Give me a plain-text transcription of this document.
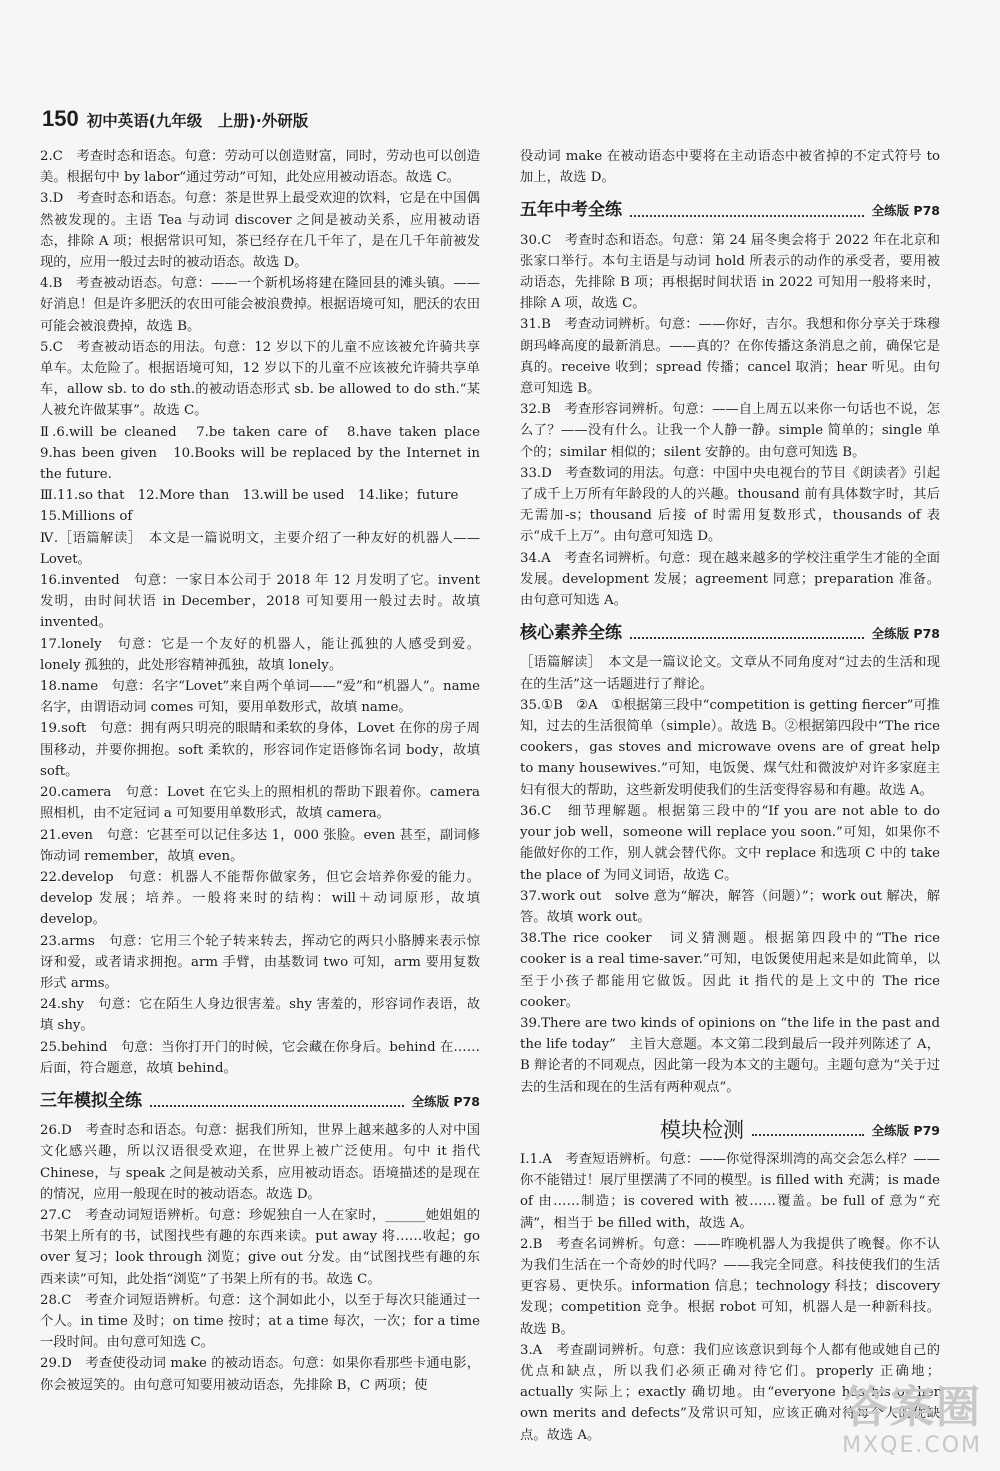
150 初中英语(九年级　上册)·外研版

2.C　考查时态和语态。句意：劳动可以创造财富，同时，劳动也可以创造美。根据句中 by labor“通过劳动”可知，此处应用被动语态。故选 C。

3.D　考查时态和语态。句意：茶是世界上最受欢迎的饮料，它是在中国偶然被发现的。主语 Tea 与动词 discover 之间是被动关系，应用被动语态，排除 A 项；根据常识可知，茶已经存在几千年了，是在几千年前被发现的，应用一般过去时的被动语态。故选 D。

4.B　考查被动语态。句意：——一个新机场将建在隆回县的滩头镇。——好消息！但是许多肥沃的农田可能会被浪费掉。根据语境可知，肥沃的农田可能会被浪费掉，故选 B。

5.C　考查被动语态的用法。句意：12 岁以下的儿童不应该被允许骑共享单车。太危险了。根据语境可知，12 岁以下的儿童不应该被允许骑共享单车，allow sb. to do sth.的被动语态形式 sb. be allowed to do sth.“某人被允许做某事”。故选 C。

Ⅱ.6.will be cleaned　7.be taken care of　8.have taken place　9.has been given　10.Books will be replaced by the Internet in the future.

Ⅲ.11.so that　12.More than　13.will be used　14.like；future

15.Millions of

Ⅳ.［语篇解读］　本文是一篇说明文，主要介绍了一种友好的机器人——Lovet。

16.invented　句意：一家日本公司于 2018 年 12 月发明了它。invent 发明，由时间状语 in December，2018 可知要用一般过去时。故填 invented。

17.lonely　句意：它是一个友好的机器人，能让孤独的人感受到爱。lonely 孤独的，此处形容精神孤独，故填 lonely。

18.name　句意：名字“Lovet”来自两个单词——“爱”和“机器人”。name 名字，由谓语动词 comes 可知，要用单数形式，故填 name。

19.soft　句意：拥有两只明亮的眼睛和柔软的身体，Lovet 在你的房子周围移动，并要你拥抱。soft 柔软的，形容词作定语修饰名词 body，故填 soft。

20.camera　句意：Lovet 在它头上的照相机的帮助下跟着你。camera 照相机，由不定冠词 a 可知要用单数形式，故填 camera。

21.even　句意：它甚至可以记住多达 1，000 张脸。even 甚至，副词修饰动词 remember，故填 even。

22.develop　句意：机器人不能帮你做家务，但它会培养你爱的能力。develop 发展；培养。一般将来时的结构：will＋动词原形，故填 develop。

23.arms　句意：它用三个轮子转来转去，挥动它的两只小胳膊来表示惊讶和爱，或者请求拥抱。arm 手臂，由基数词 two 可知，arm 要用复数形式 arms。

24.shy　句意：它在陌生人身边很害羞。shy 害羞的，形容词作表语，故填 shy。

25.behind　句意：当你打开门的时候，它会藏在你身后。behind 在……后面，符合题意，故填 behind。

三年模拟全练	全练版 P78

26.D　考查时态和语态。句意：据我们所知，世界上越来越多的人对中国文化感兴趣，所以汉语很受欢迎，在世界上被广泛使用。句中 it 指代 Chinese，与 speak 之间是被动关系，应用被动语态。语境描述的是现在的情况，应用一般现在时的被动语态。故选 D。

27.C　考查动词短语辨析。句意：珍妮独自一人在家时，______她姐姐的书架上所有的书，试图找些有趣的东西来读。put away 将……收起；go over 复习；look through 浏览；give out 分发。由“试图找些有趣的东西来读”可知，此处指“浏览”了书架上所有的书。故选 C。

28.C　考查介词短语辨析。句意：这个洞如此小，以至于每次只能通过一个人。in time 及时；on time 按时；at a time 每次，一次；for a time 一段时间。由句意可知选 C。

29.D　考查使役动词 make 的被动语态。句意：如果你看那些卡通电影，你会被逗笑的。由句意可知要用被动语态，先排除 B，C 两项；使

役动词 make 在被动语态中要将在主动语态中被省掉的不定式符号 to 加上，故选 D。

五年中考全练	全练版 P78

30.C　考查时态和语态。句意：第 24 届冬奥会将于 2022 年在北京和张家口举行。本句主语是与动词 hold 所表示的动作的承受者，要用被动语态，先排除 B 项；再根据时间状语 in 2022 可知用一般将来时，排除 A 项，故选 C。

31.B　考查动词辨析。句意：——你好，吉尔。我想和你分享关于珠穆朗玛峰高度的最新消息。——真的？在你传播这条消息之前，确保它是真的。receive 收到；spread 传播；cancel 取消；hear 听见。由句意可知选 B。

32.B　考查形容词辨析。句意：——自上周五以来你一句话也不说，怎么了？——没有什么。让我一个人静一静。simple 简单的；single 单个的；similar 相似的；silent 安静的。由句意可知选 B。

33.D　考查数词的用法。句意：中国中央电视台的节目《朗读者》引起了成千上万所有年龄段的人的兴趣。thousand 前有具体数字时，其后无需加-s；thousand 后接 of 时需用复数形式，thousands of 表示“成千上万”。由句意可知选 D。

34.A　考查名词辨析。句意：现在越来越多的学校注重学生才能的全面发展。development 发展；agreement 同意；preparation 准备。由句意可知选 A。

核心素养全练	全练版 P78

［语篇解读］　本文是一篇议论文。文章从不同角度对“过去的生活和现在的生活”这一话题进行了辩论。

35.①B　②A　①根据第三段中“competition is getting fiercer”可推知，过去的生活很简单（simple）。故选 B。②根据第四段中“The rice cookers，gas stoves and microwave ovens are of great help to many housewives.”可知，电饭煲、煤气灶和微波炉对许多家庭主妇有很大的帮助，这些新发明使我们的生活变得容易和有趣。故选 A。

36.C　细节理解题。根据第三段中的“If you are not able to do your job well，someone will replace you soon.”可知，如果你不能做好你的工作，别人就会替代你。文中 replace 和选项 C 中的 take the place of 为同义词语，故选 C。

37.work out　solve 意为“解决，解答（问题）”；work out 解决，解答。故填 work out。

38.The rice cooker　词义猜测题。根据第四段中的“The rice cooker is a real time-saver.”可知，电饭煲使用起来是如此简单，以至于小孩子都能用它做饭。因此 it 指代的是上文中的 The rice cooker。

39.There are two kinds of opinions on “the life in the past and the life today”　主旨大意题。本文第二段到最后一段并列陈述了 A，B 辩论者的不同观点，因此第一段为本文的主题句。主题句意为“关于过去的生活和现在的生活有两种观点”。

模块检测	全练版 P79

Ⅰ.1.A　考查短语辨析。句意：——你觉得深圳湾的高交会怎么样？——你不能错过！展厅里摆满了不同的模型。is filled with 充满；is made of 由……制造；is covered with 被……覆盖。be full of 意为“充满”，相当于 be filled with，故选 A。

2.B　考查名词辨析。句意：——昨晚机器人为我提供了晚餐。你不认为我们生活在一个奇妙的时代吗？——我完全同意。科技使我们的生活更容易、更快乐。information 信息；technology 科技；discovery 发现；competition 竞争。根据 robot 可知，机器人是一种新科技。故选 B。

3.A　考查副词辨析。句意：我们应该意识到每个人都有他或她自己的优点和缺点，所以我们必须正确对待它们。properly 正确地；actually 实际上；exactly 确切地。由“everyone has his or her own merits and defects”及常识可知，应该正确对待每个人的优缺点。故选 A。

答案圈
MXQE.COM
